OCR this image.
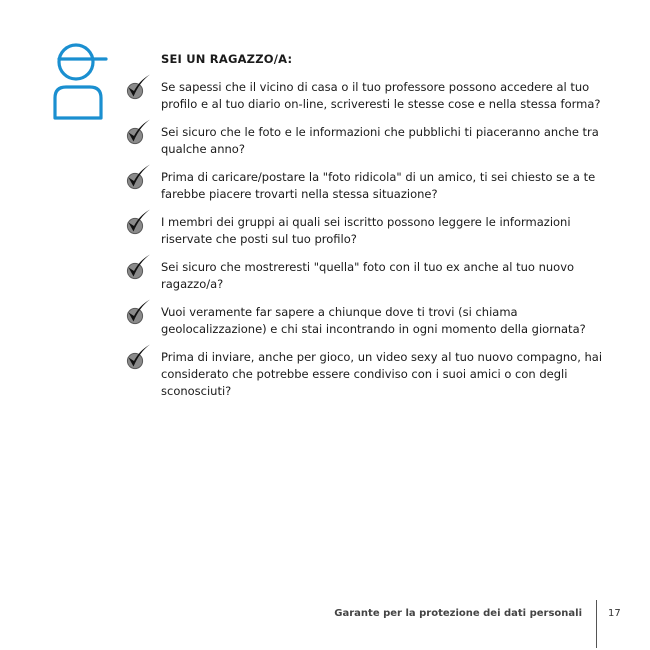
SEI UN RAGAZZO/A:
Se sapessi che il vicino di casa o il tuo professore possono accedere al tuo profilo e al tuo diario on-line, scriveresti le stesse cose e nella stessa forma?
Sei sicuro che le foto e le informazioni che pubblichi ti piaceranno anche tra qualche anno?
Prima di caricare/postare la "foto ridicola" di un amico, ti sei chiesto se a te farebbe piacere trovarti nella stessa situazione?
I membri dei gruppi ai quali sei iscritto possono leggere le informazioni riservate che posti sul tuo profilo?
Sei sicuro che mostreresti "quella" foto con il tuo ex anche al tuo nuovo ragazzo/a?
Vuoi veramente far sapere a chiunque dove ti trovi (si chiama geolocalizzazione) e chi stai incontrando in ogni momento della giornata?
Prima di inviare, anche per gioco, un video sexy al tuo nuovo compagno, hai considerato che potrebbe essere condiviso con i suoi amici o con degli sconosciuti?
Garante per la protezione dei dati personali	17
